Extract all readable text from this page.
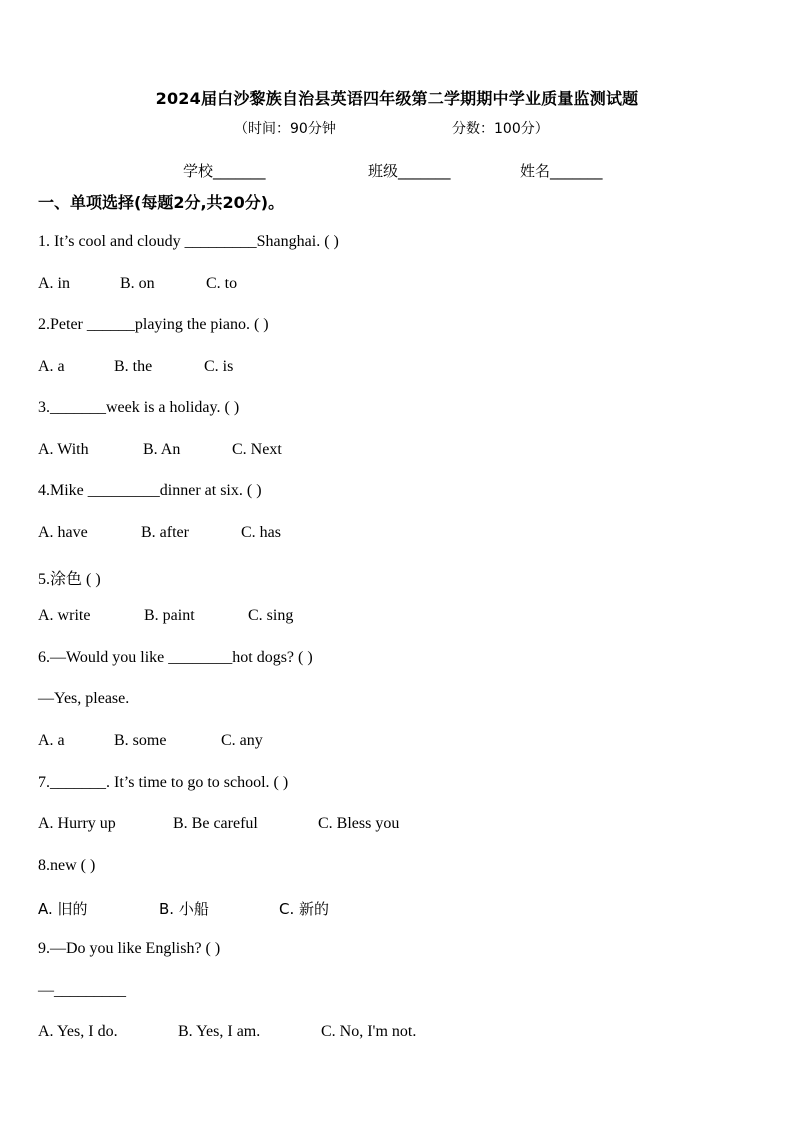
2024届白沙黎族自治县英语四年级第二学期期中学业质量监测试题
（时间：90分钟	分数：100分）
学校_______	班级_______	姓名_______
一、单项选择(每题2分,共20分)。
1. It’s cool and cloudy _________Shanghai. ( )
A. in	B. on	C. to
2.Peter ______playing the piano. ( )
A. a	B. the	C. is
3._______week is a holiday. ( )
A. With	B. An	C. Next
4.Mike _________dinner at six. ( )
A. have	B. after	C. has
5.涂色 ( )
A. write	B. paint	C. sing
6.—Would you like ________hot dogs? ( )
—Yes, please.
A. a	B. some	C. any
7._______. It’s time to go to school. ( )
A. Hurry up	B. Be careful	C. Bless you
8.new ( )
A. 旧的	B. 小船	C. 新的
9.—Do you like English? ( )
—_________
A. Yes, I do.	B. Yes, I am.	C. No, I'm not.
